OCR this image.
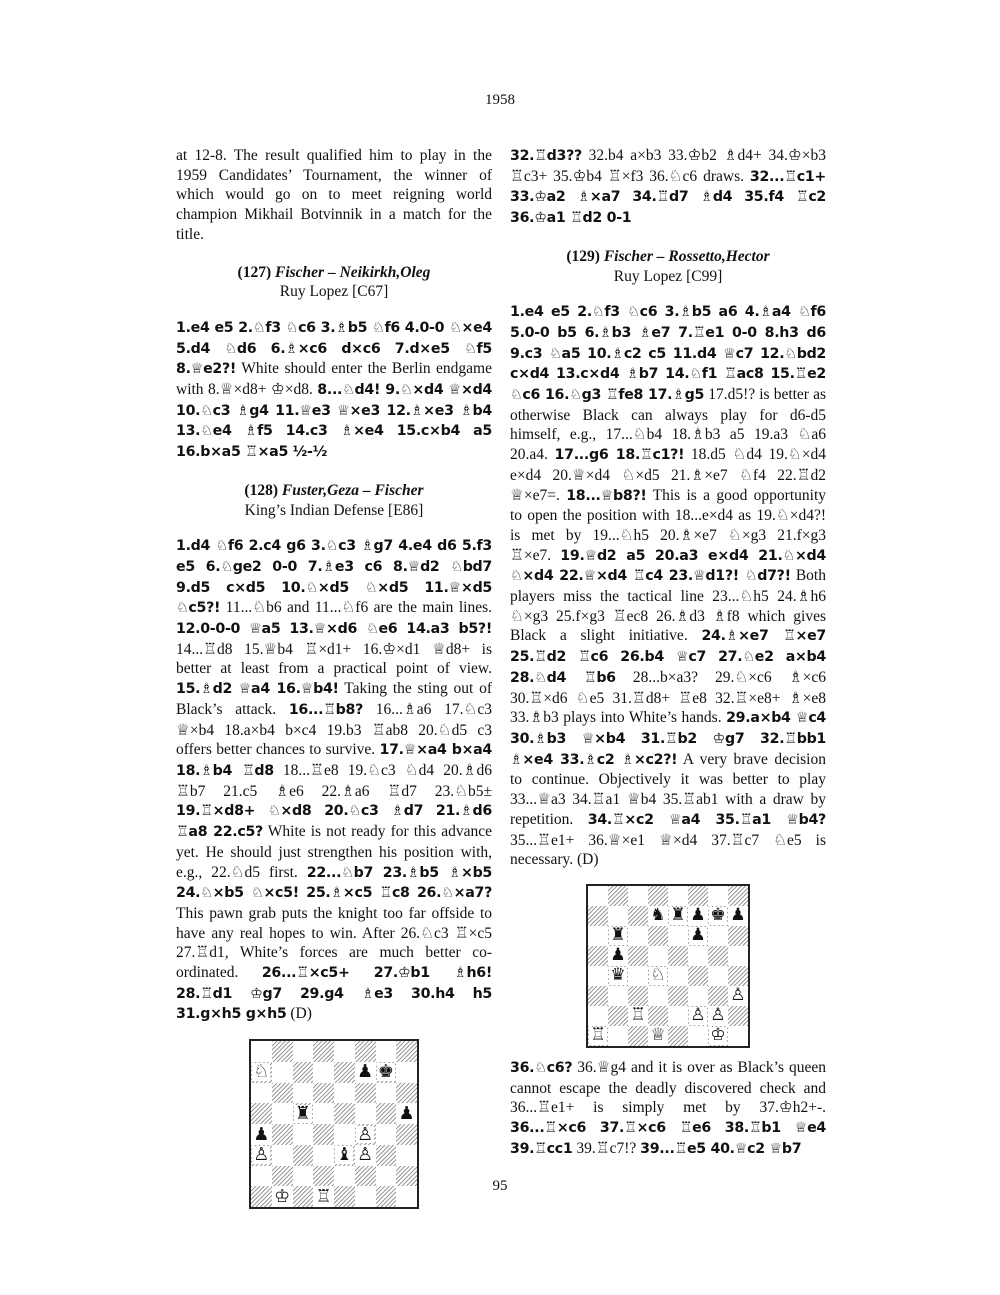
1958

at 12-8. The result qualified him to play in the 1959 Candidates’ Tournament, the winner of which would go on to meet reigning world champion Mikhail Botvinnik in a match for the title.

(127) Fischer – Neikirkh,Oleg
Ruy Lopez [C67]

1.e4 e5 2.♘f3 ♘c6 3.♗b5 ♘f6 4.0-0 ♘×e4 5.d4 ♘d6 6.♗×c6 d×c6 7.d×e5 ♘f5 8.♕e2?! White should enter the Berlin endgame with 8.♕×d8+ ♔×d8. 8...♘d4! 9.♘×d4 ♕×d4 10.♘c3 ♗g4 11.♕e3 ♕×e3 12.♗×e3 ♗b4 13.♘e4 ♗f5 14.c3 ♗×e4 15.c×b4 a5 16.b×a5 ♖×a5 ½-½

(128) Fuster,Geza – Fischer
King’s Indian Defense [E86]

1.d4 ♘f6 2.c4 g6 3.♘c3 ♗g7 4.e4 d6 5.f3 e5 6.♘ge2 0-0 7.♗e3 c6 8.♕d2 ♘bd7 9.d5 c×d5 10.♘×d5 ♘×d5 11.♕×d5 ♘c5?! 11...♘b6 and 11...♘f6 are the main lines. 12.0-0-0 ♕a5 13.♕×d6 ♘e6 14.a3 b5?! 14...♖d8 15.♕b4 ♖×d1+ 16.♔×d1 ♕d8+ is better at least from a practical point of view. 15.♗d2 ♕a4 16.♕b4! Taking the sting out of Black’s attack. 16...♖b8? 16...♗a6 17.♘c3 ♕×b4 18.a×b4 b×c4 19.b3 ♖ab8 20.♘d5 c3 offers better chances to survive. 17.♕×a4 b×a4 18.♗b4 ♖d8 18...♖e8 19.♘c3 ♘d4 20.♗d6 ♖b7 21.c5 ♗e6 22.♗a6 ♖d7 23.♘b5± 19.♖×d8+ ♘×d8 20.♘c3 ♗d7 21.♗d6 ♖a8 22.c5? White is not ready for this advance yet. He should just strengthen his position with, e.g., 22.♘d5 first. 22...♘b7 23.♗b5 ♗×b5 24.♘×b5 ♘×c5! 25.♗×c5 ♖c8 26.♘×a7? This pawn grab puts the knight too far offside to have any real hopes to win. After 26.♘c3 ♖×c5 27.♖d1, White’s forces are much better co-ordinated. 26...♖×c5+ 27.♔b1 ♗h6! 28.♖d1 ♔g7 29.g4 ♗e3 30.h4 h5 31.g×h5 g×h5 (D)

♘	♟ ♚
♜	♟
♟	♙
♙	♝ ♙
♔ ♖

32.♖d3?? 32.b4 a×b3 33.♔b2 ♗d4+ 34.♔×b3 ♖c3+ 35.♔b4 ♖×f3 36.♘c6 draws. 32...♖c1+ 33.♔a2 ♗×a7 34.♖d7 ♗d4 35.f4 ♖c2 36.♔a1 ♖d2 0-1

(129) Fischer – Rossetto,Hector
Ruy Lopez [C99]

1.e4 e5 2.♘f3 ♘c6 3.♗b5 a6 4.♗a4 ♘f6 5.0-0 b5 6.♗b3 ♗e7 7.♖e1 0-0 8.h3 d6 9.c3 ♘a5 10.♗c2 c5 11.d4 ♕c7 12.♘bd2 c×d4 13.c×d4 ♗b7 14.♘f1 ♖ac8 15.♖e2 ♘c6 16.♘g3 ♖fe8 17.♗g5 17.d5!? is better as otherwise Black can always play for d6-d5 himself, e.g., 17...♘b4 18.♗b3 a5 19.a3 ♘a6 20.a4. 17...g6 18.♖c1?! 18.d5 ♘d4 19.♘×d4 e×d4 20.♕×d4 ♘×d5 21.♗×e7 ♘f4 22.♖d2 ♕×e7=. 18...♕b8?! This is a good opportunity to open the position with 18...e×d4 as 19.♘×d4?! is met by 19...♘h5 20.♗×e7 ♘×g3 21.f×g3 ♖×e7. 19.♕d2 a5 20.a3 e×d4 21.♘×d4 ♘×d4 22.♕×d4 ♖c4 23.♕d1?! ♘d7?! Both players miss the tactical line 23...♘h5 24.♗h6 ♘×g3 25.f×g3 ♖ec8 26.♗d3 ♗f8 which gives Black a slight initiative. 24.♗×e7 ♖×e7 25.♖d2 ♖c6 26.b4 ♕c7 27.♘e2 a×b4 28.♘d4 ♖b6 28...b×a3? 29.♘×c6 ♗×c6 30.♖×d6 ♘e5 31.♖d8+ ♖e8 32.♖×e8+ ♗×e8 33.♗b3 plays into White’s hands. 29.a×b4 ♕c4 30.♗b3 ♕×b4 31.♖b2 ♔g7 32.♖bb1 ♗×e4 33.♗c2 ♗×c2?! A very brave decision to continue. Objectively it was better to play 33...♕a3 34.♖a1 ♕b4 35.♖ab1 with a draw by repetition. 34.♖×c2 ♕a4 35.♖a1 ♕b4? 35...♖e1+ 36.♕×e1 ♕×d4 37.♖c7 ♘e5 is necessary. (D)

♞ ♜ ♟ ♚ ♟
♜	♟
♟
♛ ♘
♙
♖	♙ ♙
♖	♕	♔

36.♘c6? 36.♕g4 and it is over as Black’s queen cannot escape the deadly discovered check and 36...♖e1+ is simply met by 37.♔h2+-. 36...♖×c6 37.♖×c6 ♖e6 38.♖b1 ♕e4 39.♖cc1 39.♖c7!? 39...♖e5 40.♕c2 ♕b7

95
